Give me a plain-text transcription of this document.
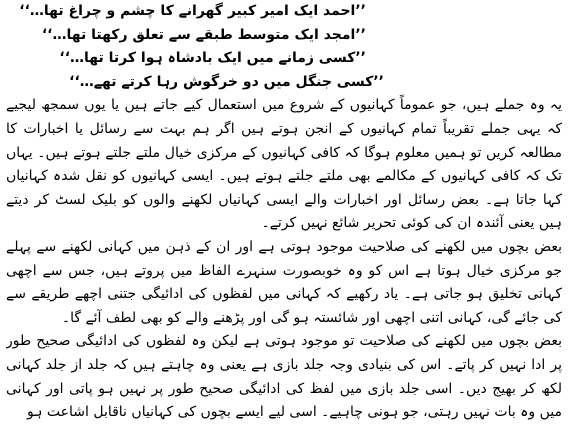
’’احمد ایک امیر کبیر گھرانے کا چشم و چراغ تھا…‘‘
’’امجد ایک متوسط طبقے سے تعلق رکھتا تھا…‘‘
’’کسی زمانے میں ایک بادشاہ ہوا کرتا تھا…‘‘
’’کسی جنگل میں دو خرگوش رہا کرتے تھے…‘‘

یہ وہ جملے ہیں، جو عموماً کہانیوں کے شروع میں استعمال کیے جاتے ہیں یا یوں سمجھ لیجیے کہ یہی جملے تقریباً تمام کہانیوں کے انجن ہوتے ہیں اگر ہم بہت سے رسائل یا اخبارات کا مطالعہ کریں تو ہمیں معلوم ہوگا کہ کافی کہانیوں کے مرکزی خیال ملتے جلتے ہوتے ہیں۔ یہاں تک کہ کافی کہانیوں کے مکالمے بھی ملتے جلتے ہوتے ہیں۔ ایسی کہانیوں کو نقل شدہ کہانیاں کہا جاتا ہے۔ بعض رسائل اور اخبارات والے ایسی کہانیاں لکھنے والوں کو بلیک لسٹ کر دیتے ہیں یعنی آئندہ ان کی کوئی تحریر شائع نہیں کرتے۔

بعض بچوں میں لکھنے کی صلاحیت موجود ہوتی ہے اور ان کے ذہن میں کہانی لکھنے سے پہلے جو مرکزی خیال ہوتا ہے اس کو وہ خوبصورت سنہرے الفاظ میں پروتے ہیں، جس سے اچھی کہانی تخلیق ہو جاتی ہے۔ یاد رکھیے کہ کہانی میں لفظوں کی ادائیگی جتنی اچھے طریقے سے کی جائے گی، کہانی اتنی اچھی اور شائستہ ہو گی اور پڑھنے والے کو بھی لطف آئے گا۔

بعض بچوں میں لکھنے کی صلاحیت تو موجود ہوتی ہے لیکن وہ لفظوں کی ادائیگی صحیح طور پر ادا نہیں کر پاتے۔ اس کی بنیادی وجہ جلد بازی ہے یعنی وہ چاہتے ہیں کہ جلد از جلد کہانی لکھ کر بھیج دیں۔ اسی جلد بازی میں لفظ کی ادائیگی صحیح طور پر نہیں ہو پاتی اور کہانی میں وہ بات نہیں رہتی، جو ہونی چاہیے۔ اسی لیے ایسے بچوں کی کہانیاں ناقابل اشاعت ہو
